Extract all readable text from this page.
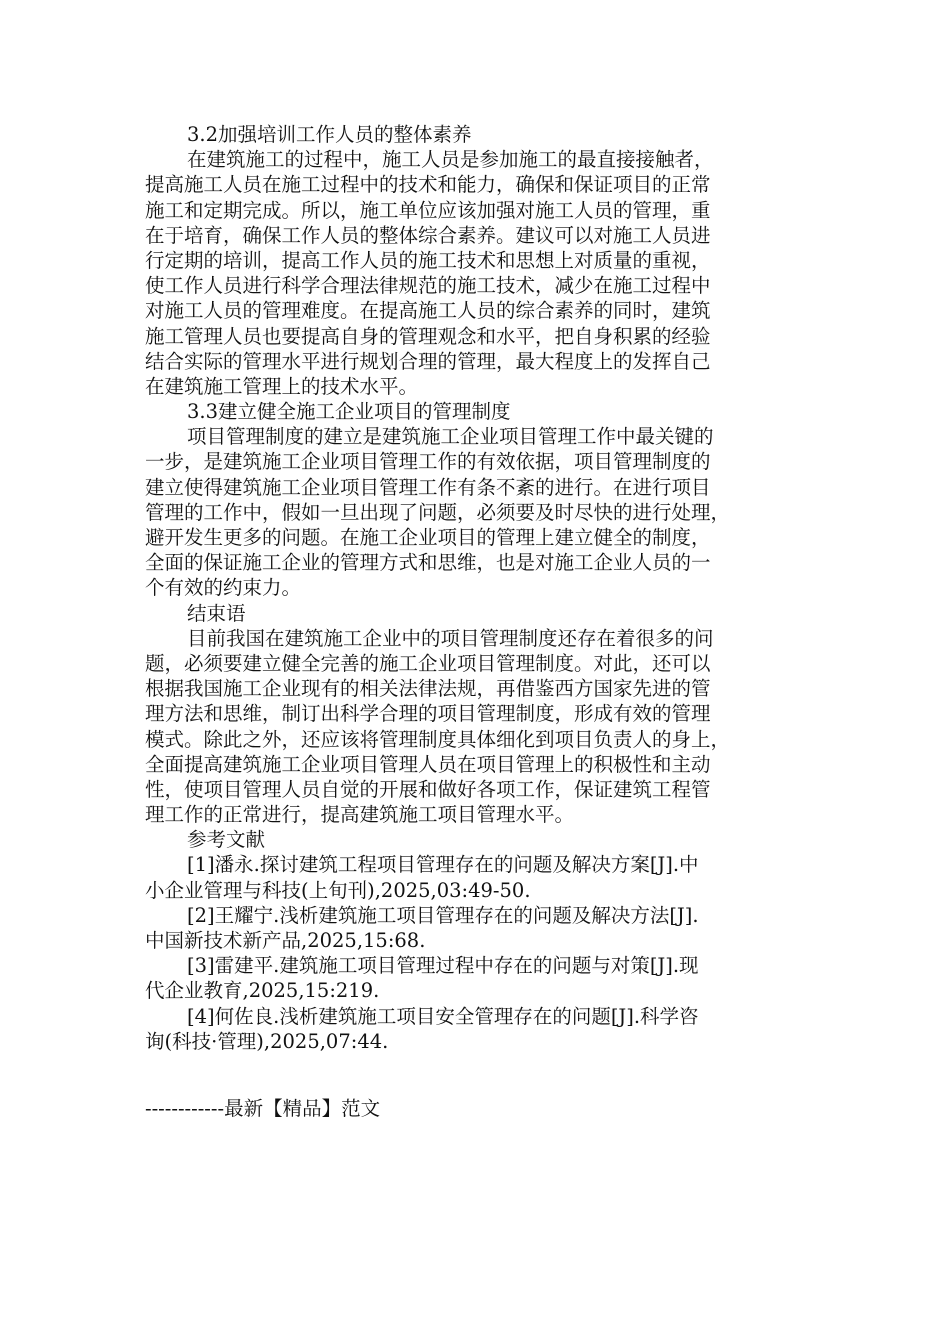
3.2加强培训工作人员的整体素养
在建筑施工的过程中，施工人员是参加施工的最直接接触者，
提高施工人员在施工过程中的技术和能力，确保和保证项目的正常
施工和定期完成。所以，施工单位应该加强对施工人员的管理，重
在于培育，确保工作人员的整体综合素养。建议可以对施工人员进
行定期的培训，提高工作人员的施工技术和思想上对质量的重视，
使工作人员进行科学合理法律规范的施工技术，减少在施工过程中
对施工人员的管理难度。在提高施工人员的综合素养的同时，建筑
施工管理人员也要提高自身的管理观念和水平，把自身积累的经验
结合实际的管理水平进行规划合理的管理，最大程度上的发挥自己
在建筑施工管理上的技术水平。
3.3建立健全施工企业项目的管理制度
项目管理制度的建立是建筑施工企业项目管理工作中最关键的
一步，是建筑施工企业项目管理工作的有效依据，项目管理制度的
建立使得建筑施工企业项目管理工作有条不紊的进行。在进行项目
管理的工作中，假如一旦出现了问题，必须要及时尽快的进行处理，
避开发生更多的问题。在施工企业项目的管理上建立健全的制度，
全面的保证施工企业的管理方式和思维，也是对施工企业人员的一
个有效的约束力。
结束语
目前我国在建筑施工企业中的项目管理制度还存在着很多的问
题，必须要建立健全完善的施工企业项目管理制度。对此，还可以
根据我国施工企业现有的相关法律法规，再借鉴西方国家先进的管
理方法和思维，制订出科学合理的项目管理制度，形成有效的管理
模式。除此之外，还应该将管理制度具体细化到项目负责人的身上，
全面提高建筑施工企业项目管理人员在项目管理上的积极性和主动
性，使项目管理人员自觉的开展和做好各项工作，保证建筑工程管
理工作的正常进行，提高建筑施工项目管理水平。
参考文献
[1]潘永.探讨建筑工程项目管理存在的问题及解决方案[J].中
小企业管理与科技(上旬刊),2025,03:49-50.
[2]王耀宁.浅析建筑施工项目管理存在的问题及解决方法[J].
中国新技术新产品,2025,15:68.
[3]雷建平.建筑施工项目管理过程中存在的问题与对策[J].现
代企业教育,2025,15:219.
[4]何佐良.浅析建筑施工项目安全管理存在的问题[J].科学咨
询(科技·管理),2025,07:44.
------------最新【精品】范文
